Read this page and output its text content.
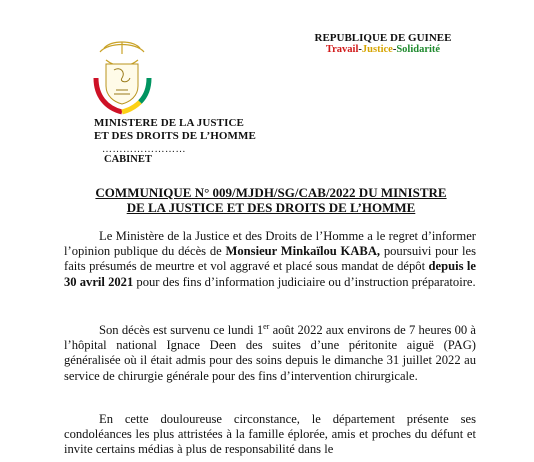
MINISTERE DE LA JUSTICE
ET DES DROITS DE L’HOMME
……………………
CABINET
REPUBLIQUE DE GUINEE
Travail-Justice-Solidarité
COMMUNIQUE N° 009/MJDH/SG/CAB/2022 DU MINISTRE
DE LA JUSTICE ET DES DROITS DE L’HOMME
Le Ministère de la Justice et des Droits de l’Homme a le regret d’informer l’opinion publique du décès de Monsieur Minkaïlou KABA, poursuivi pour les faits présumés de meurtre et vol aggravé et placé sous mandat de dépôt depuis le 30 avril 2021 pour des fins d’information judiciaire ou d’instruction préparatoire.
Son décès est survenu ce lundi 1er août 2022 aux environs de 7 heures 00 à l’hôpital national Ignace Deen des suites d’une péritonite aiguë (PAG) généralisée où il était admis pour des soins depuis le dimanche 31 juillet 2022 au service de chirurgie générale pour des fins d’intervention chirurgicale.
En cette douloureuse circonstance, le département présente ses condoléances les plus attristées à la famille éplorée, amis et proches du défunt et invite certains médias à plus de responsabilité dans le
